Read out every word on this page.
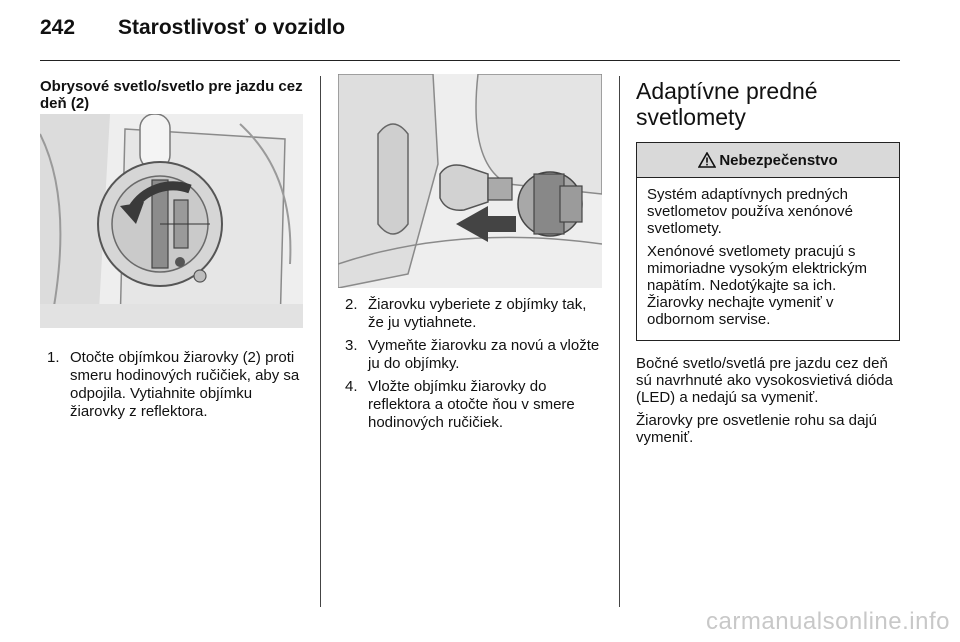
242 Starostlivosť o vozidlo
Obrysové svetlo/svetlo pre jazdu cez deň (2)
1. Otočte objímkou žiarovky (2) proti smeru hodinových ručičiek, aby sa odpojila. Vytiahnite objímku žiarovky z reflektora.
2. Žiarovku vyberiete z objímky tak, že ju vytiahnete.
3. Vymeňte žiarovku za novú a vložte ju do objímky.
4. Vložte objímku žiarovky do reflektora a otočte ňou v smere hodinových ručičiek.
Adaptívne predné svetlomety
Nebezpečenstvo

Systém adaptívnych predných svetlometov používa xenónové svetlomety.

Xenónové svetlomety pracujú s mimoriadne vysokým elektrickým napätím. Nedotýkajte sa ich. Žiarovky nechajte vymeniť v odbornom servise.

Bočné svetlo/svetlá pre jazdu cez deň sú navrhnuté ako vysokosvietivá dióda (LED) a nedajú sa vymeniť.

Žiarovky pre osvetlenie rohu sa dajú vymeniť.

carmanualsonline.info
